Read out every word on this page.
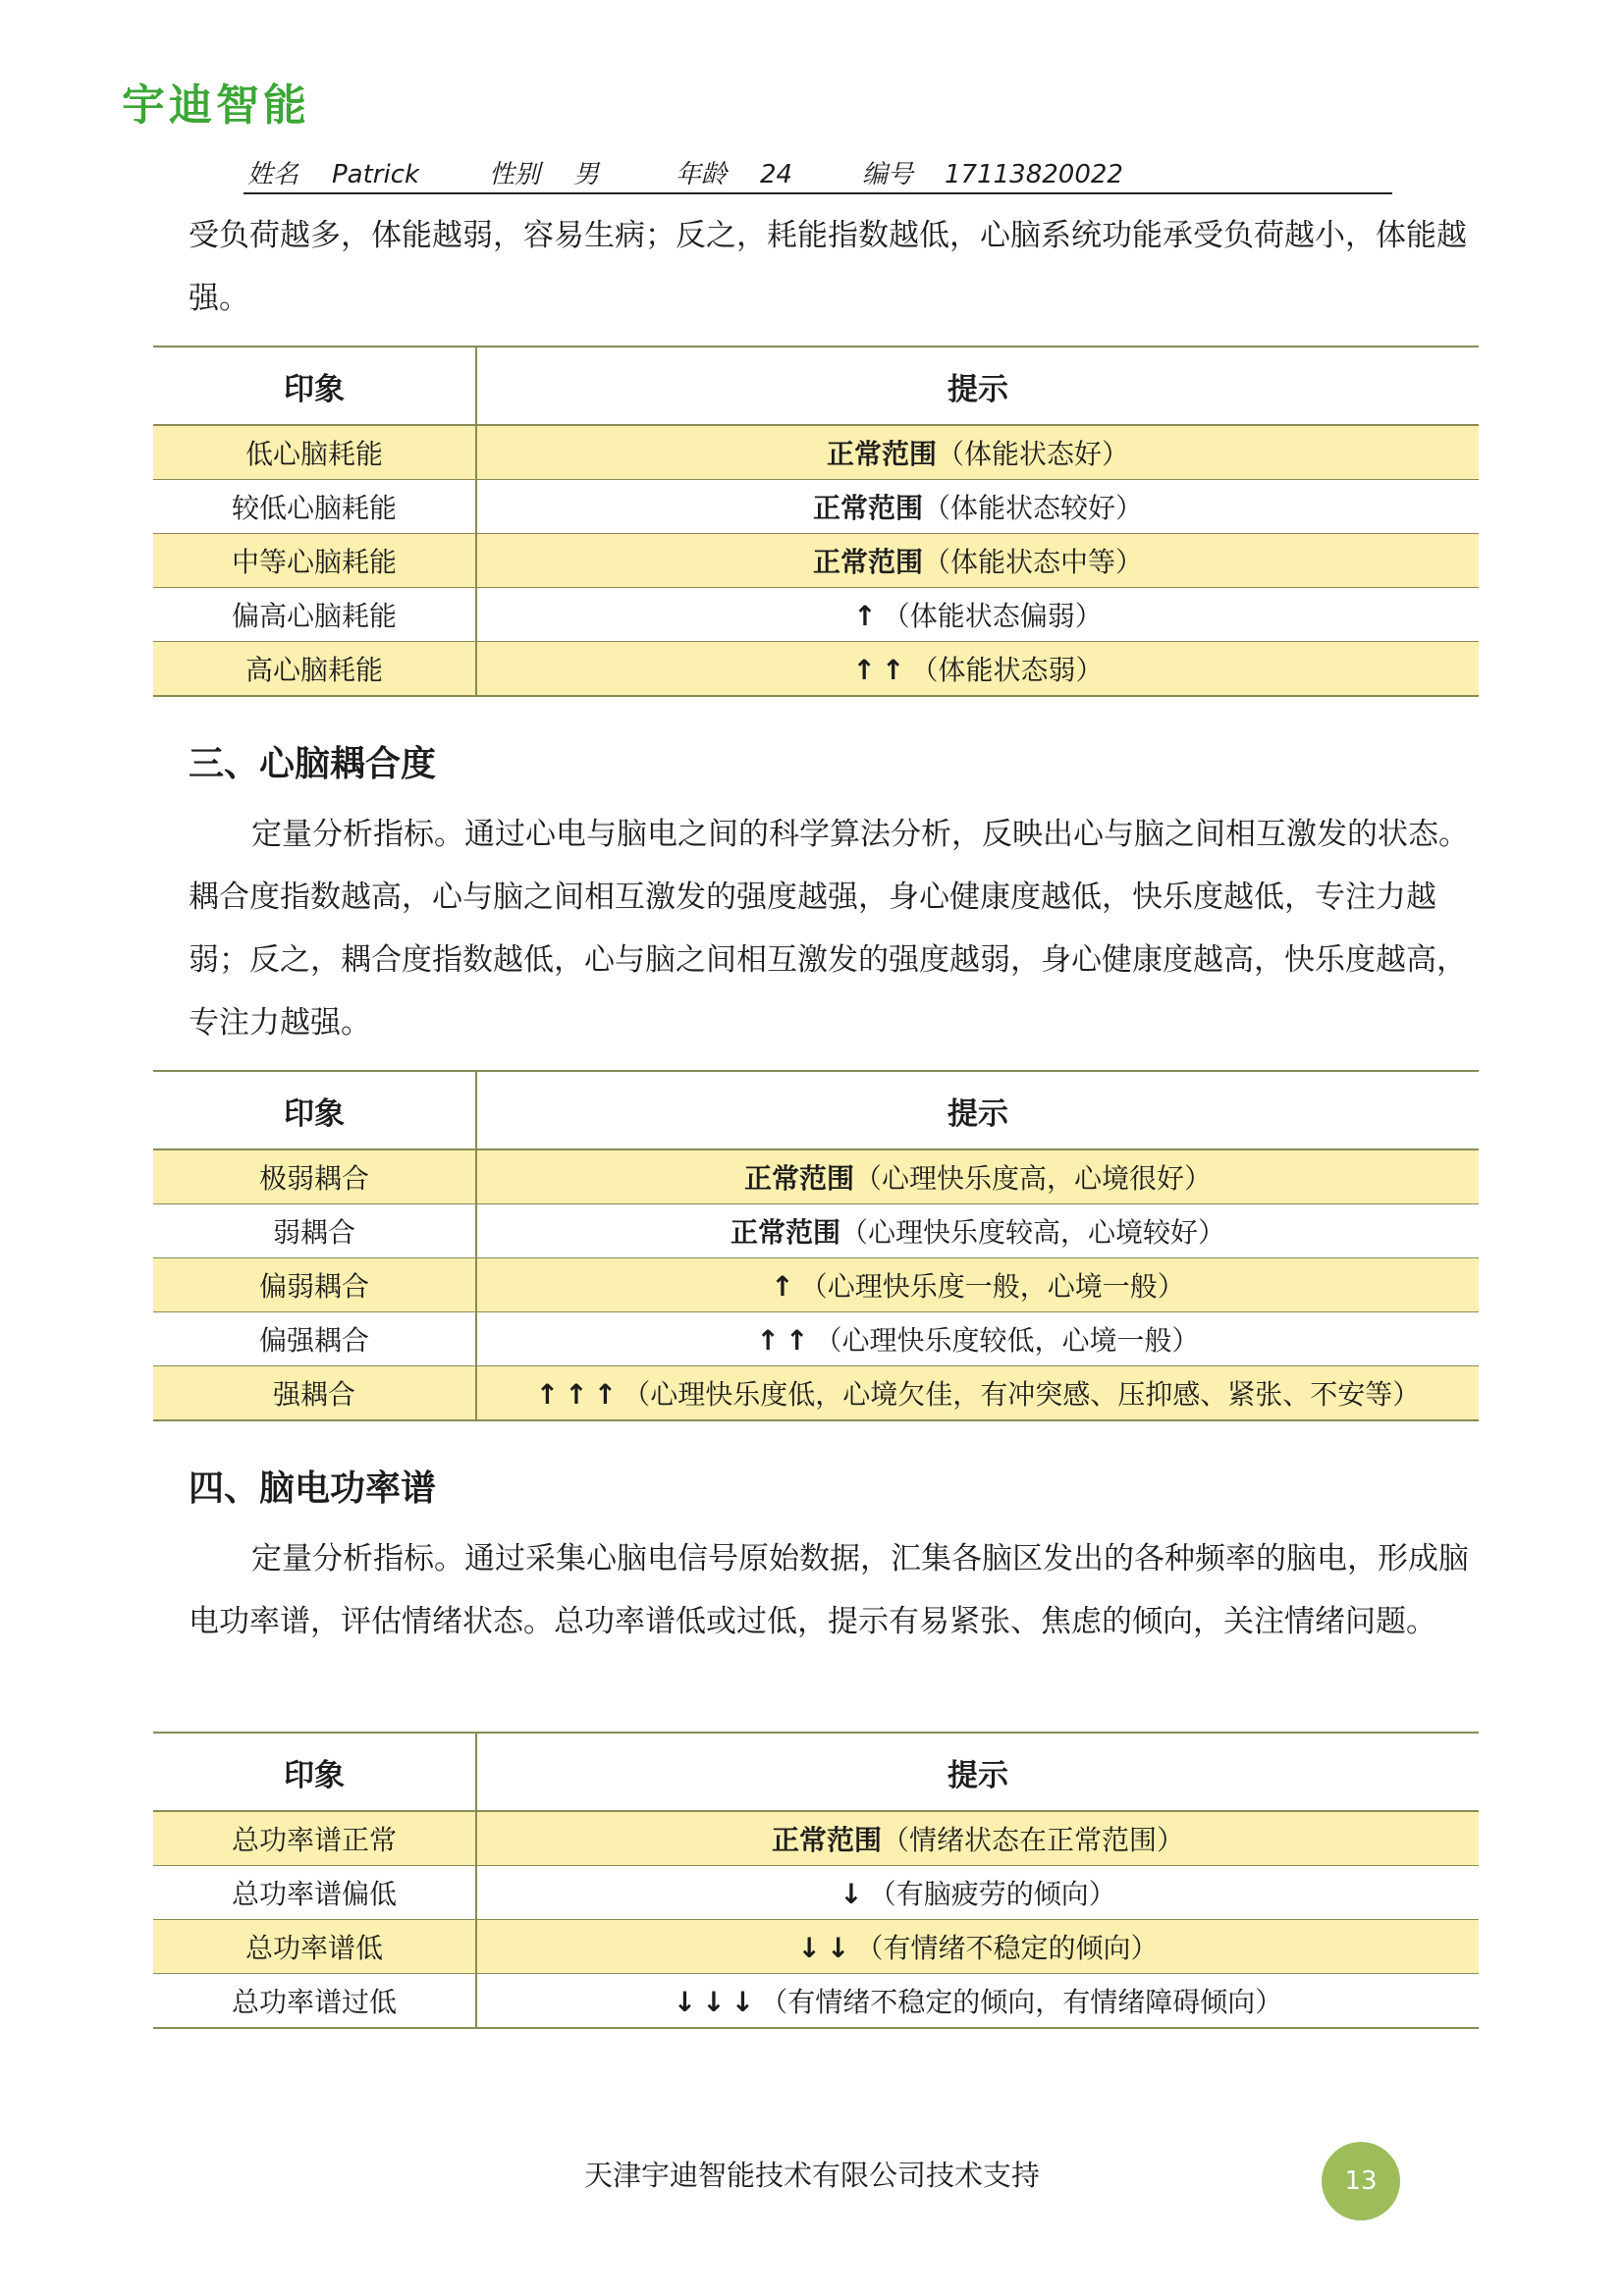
宇迪智能
姓名 Patrick	性别 男	年龄 24	编号 17113820022

受负荷越多，体能越弱，容易生病；反之，耗能指数越低，心脑系统功能承受负荷越小，体能越强。

印象	提示
低心脑耗能	正常范围（体能状态好）
较低心脑耗能	正常范围（体能状态较好）
中等心脑耗能	正常范围（体能状态中等）
偏高心脑耗能	↑（体能状态偏弱）
高心脑耗能	↑↑（体能状态弱）
三、心脑耦合度

定量分析指标。通过心电与脑电之间的科学算法分析，反映出心与脑之间相互激发的状态。耦合度指数越高，心与脑之间相互激发的强度越强，身心健康度越低，快乐度越低，专注力越弱；反之，耦合度指数越低，心与脑之间相互激发的强度越弱，身心健康度越高，快乐度越高，专注力越强。

印象	提示
极弱耦合	正常范围（心理快乐度高，心境很好）
弱耦合	正常范围（心理快乐度较高，心境较好）
偏弱耦合	↑（心理快乐度一般，心境一般）
偏强耦合	↑↑（心理快乐度较低，心境一般）
强耦合	↑↑↑（心理快乐度低，心境欠佳，有冲突感、压抑感、紧张、不安等）
四、脑电功率谱

定量分析指标。通过采集心脑电信号原始数据，汇集各脑区发出的各种频率的脑电，形成脑电功率谱，评估情绪状态。总功率谱低或过低，提示有易紧张、焦虑的倾向，关注情绪问题。

印象	提示
总功率谱正常	正常范围（情绪状态在正常范围）
总功率谱偏低	↓（有脑疲劳的倾向）
总功率谱低	↓↓（有情绪不稳定的倾向）
总功率谱过低	↓↓↓（有情绪不稳定的倾向，有情绪障碍倾向）
天津宇迪智能技术有限公司技术支持	13
